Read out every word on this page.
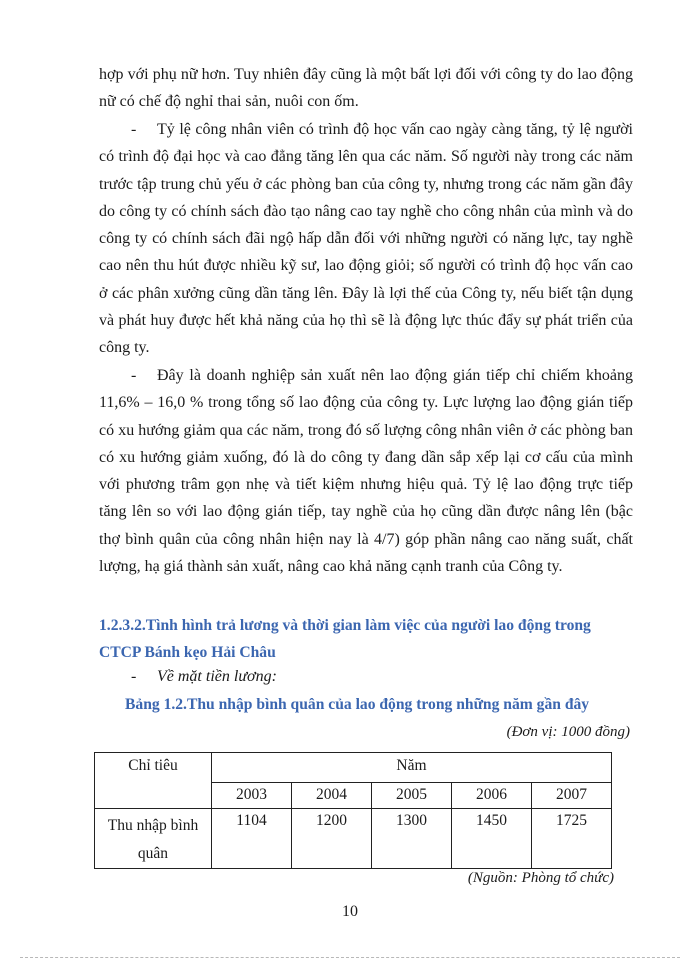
hợp với phụ nữ hơn. Tuy nhiên đây cũng là một bất lợi đối với công ty do lao động nữ có chế độ nghỉ thai sản, nuôi con ốm.

- Tỷ lệ công nhân viên có trình độ học vấn cao ngày càng tăng, tỷ lệ người có trình độ đại học và cao đẳng tăng lên qua các năm. Số người này trong các năm trước tập trung chủ yếu ở các phòng ban của công ty, nhưng trong các năm gần đây do công ty có chính sách đào tạo nâng cao tay nghề cho công nhân của mình và do công ty có chính sách đãi ngộ hấp dẫn đối với những người có năng lực, tay nghề cao nên thu hút được nhiều kỹ sư, lao động giỏi; số người có trình độ học vấn cao ở các phân xưởng cũng dần tăng lên. Đây là lợi thế của Công ty, nếu biết tận dụng và phát huy được hết khả năng của họ thì sẽ là động lực thúc đẩy sự phát triển của công ty.

- Đây là doanh nghiệp sản xuất nên lao động gián tiếp chỉ chiếm khoảng 11,6% – 16,0 % trong tổng số lao động của công ty. Lực lượng lao động gián tiếp có xu hướng giảm qua các năm, trong đó số lượng công nhân viên ở các phòng ban có xu hướng giảm xuống, đó là do công ty đang dần sắp xếp lại cơ cấu của mình với phương trâm gọn nhẹ và tiết kiệm nhưng hiệu quả. Tỷ lệ lao động trực tiếp tăng lên so với lao động gián tiếp, tay nghề của họ cũng dần được nâng lên (bậc thợ bình quân của công nhân hiện nay là 4/7) góp phần nâng cao năng suất, chất lượng, hạ giá thành sản xuất, nâng cao khả năng cạnh tranh của Công ty.

1.2.3.2.Tình hình trả lương và thời gian làm việc của người lao động trong
CTCP Bánh kẹo Hải Châu
- Về mặt tiền lương:
Bảng 1.2.Thu nhập bình quân của lao động trong những năm gần đây
(Đơn vị: 1000 đồng)
Chỉ tiêu	Năm				
	2003	2004	2005	2006	2007
Thu nhập bình
quân	1104	1200	1300	1450	1725
(Nguồn: Phòng tổ chức)
10
